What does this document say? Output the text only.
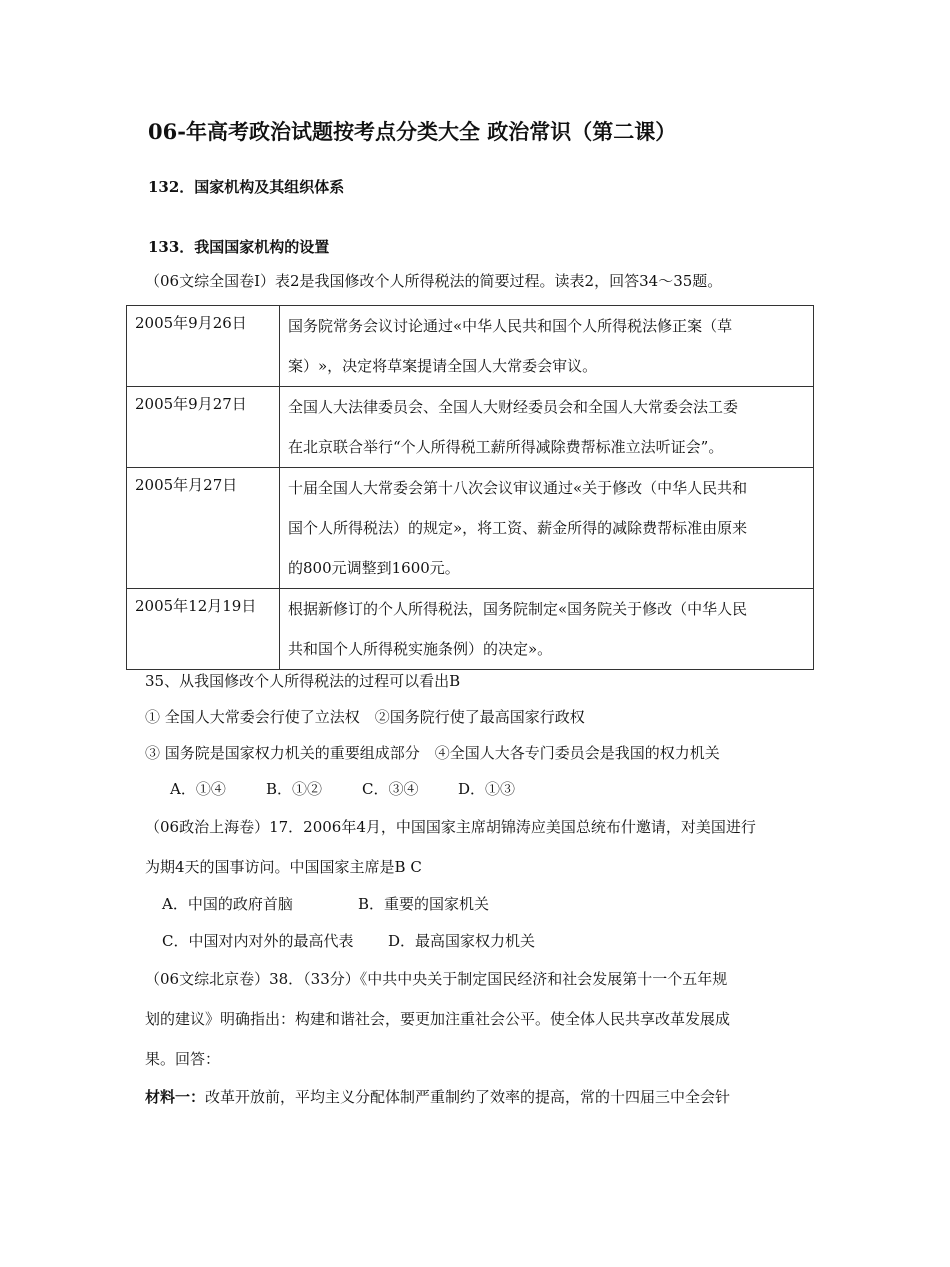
06-年高考政治试题按考点分类大全 政治常识（第二课）
132．国家机构及其组织体系
133．我国国家机构的设置
（06文综全国卷Ⅰ）表2是我国修改个人所得税法的简要过程。读表2，回答34～35题。
2005年9月26日	国务院常务会议讨论通过«中华人民共和国个人所得税法修正案（草
案）»，决定将草案提请全国人大常委会审议。

2005年9月27日	全国人大法律委员会、全国人大财经委员会和全国人大常委会法工委
在北京联合举行“个人所得税工薪所得减除费帮标准立法听证会”。

2005年月27日	十届全国人大常委会第十八次会议审议通过«关于修改（中华人民共和
国个人所得税法）的规定»，将工资、薪金所得的减除费帮标准由原来
的800元调整到1600元。

2005年12月19日	根据新修订的个人所得税法，国务院制定«国务院关于修改（中华人民
共和国个人所得税实施条例）的决定»。
35、从我国修改个人所得税法的过程可以看出B
① 全国人大常委会行使了立法权　②国务院行使了最高国家行政权
③ 国务院是国家权力机关的重要组成部分　④全国人大各专门委员会是我国的权力机关
A．①④	B．①②	C．③④	D．①③
（06政治上海卷）17．2006年4月，中国国家主席胡锦涛应美国总统布什邀请，对美国进行
为期4天的国事访问。中国国家主席是B C
A．中国的政府首脑	B．重要的国家机关
C．中国对内对外的最高代表 D．最高国家权力机关
（06文综北京卷）38．（33分）《中共中央关于制定国民经济和社会发展第十一个五年规
划的建议》明确指出：构建和谐社会，要更加注重社会公平。使全体人民共享改革发展成
果。回答：
材料一：改革开放前，平均主义分配体制严重制约了效率的提高，常的十四届三中全会针
